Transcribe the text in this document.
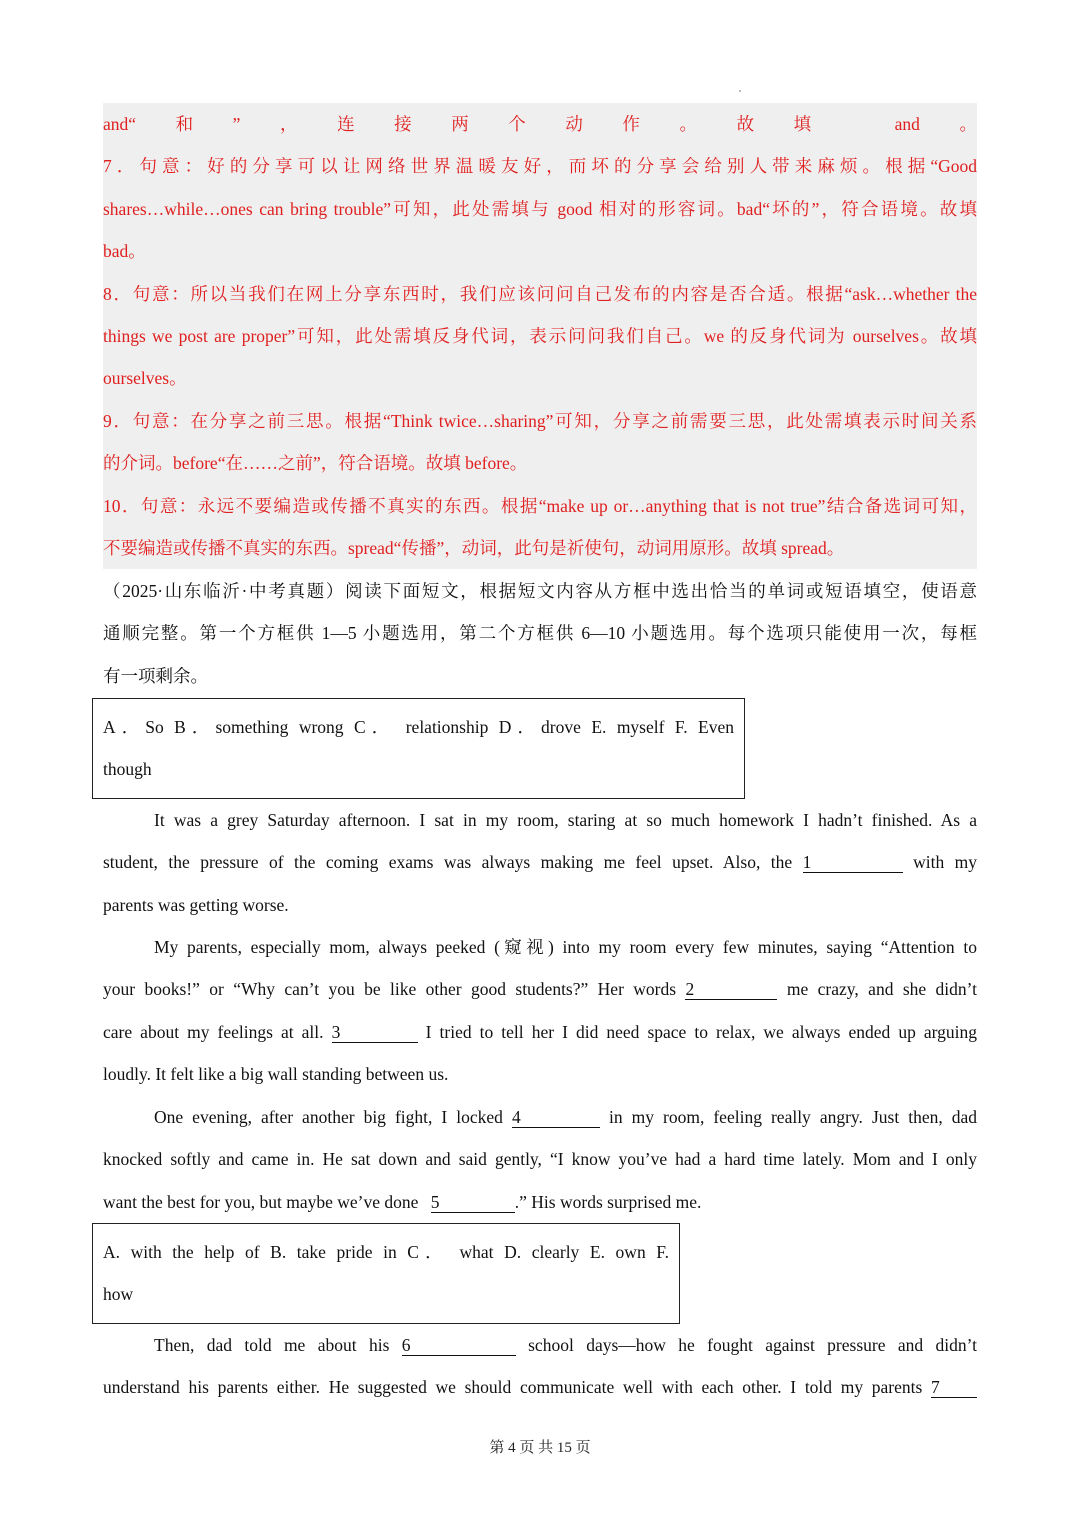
and“和”，连接两个动作。故填 and。
7．句意：好的分享可以让网络世界温暖友好，而坏的分享会给别人带来麻烦。根据“Good
shares…while…ones can bring trouble”可知，此处需填与 good 相对的形容词。bad“坏的”，符合语境。故填
bad。
8．句意：所以当我们在网上分享东西时，我们应该问问自己发布的内容是否合适。根据“ask…whether the
things we post are proper”可知，此处需填反身代词，表示问问我们自己。we 的反身代词为 ourselves。故填
ourselves。
9．句意：在分享之前三思。根据“Think twice…sharing”可知，分享之前需要三思，此处需填表示时间关系
的介词。before“在……之前”，符合语境。故填 before。
10．句意：永远不要编造或传播不真实的东西。根据“make up or…anything that is not true”结合备选词可知，
不要编造或传播不真实的东西。spread“传播”，动词，此句是祈使句，动词用原形。故填 spread。
（2025·山东临沂·中考真题）阅读下面短文，根据短文内容从方框中选出恰当的单词或短语填空，使语意
通顺完整。第一个方框供 1—5 小题选用，第二个方框供 6—10 小题选用。每个选项只能使用一次，每框
有一项剩余。
A．So B．something wrong C． relationship D．drove E. myself F. Even
though
It was a grey Saturday afternoon. I sat in my room, staring at so much homework I hadn’t finished. As a
student, the pressure of the coming exams was always making me feel upset. Also, the 1	with my
parents was getting worse.
My parents, especially mom, always peeked (窥视) into my room every few minutes, saying “Attention to
your books!” or “Why can’t you be like other good students?” Her words 2	me crazy, and she didn’t
care about my feelings at all. 3	I tried to tell her I did need space to relax, we always ended up arguing
loudly. It felt like a big wall standing between us.
One evening, after another big fight, I locked 4	in my room, feeling really angry. Just then, dad
knocked softly and came in. He sat down and said gently, “I know you’ve had a hard time lately. Mom and I only
want the best for you, but maybe we’ve done 5	.” His words surprised me.
A. with the help of B. take pride in C． what D. clearly E. own F.
how
Then, dad told me about his 6	school days—how he fought against pressure and didn’t
understand his parents either. He suggested we should communicate well with each other. I told my parents 7
第 4 页 共 15 页
